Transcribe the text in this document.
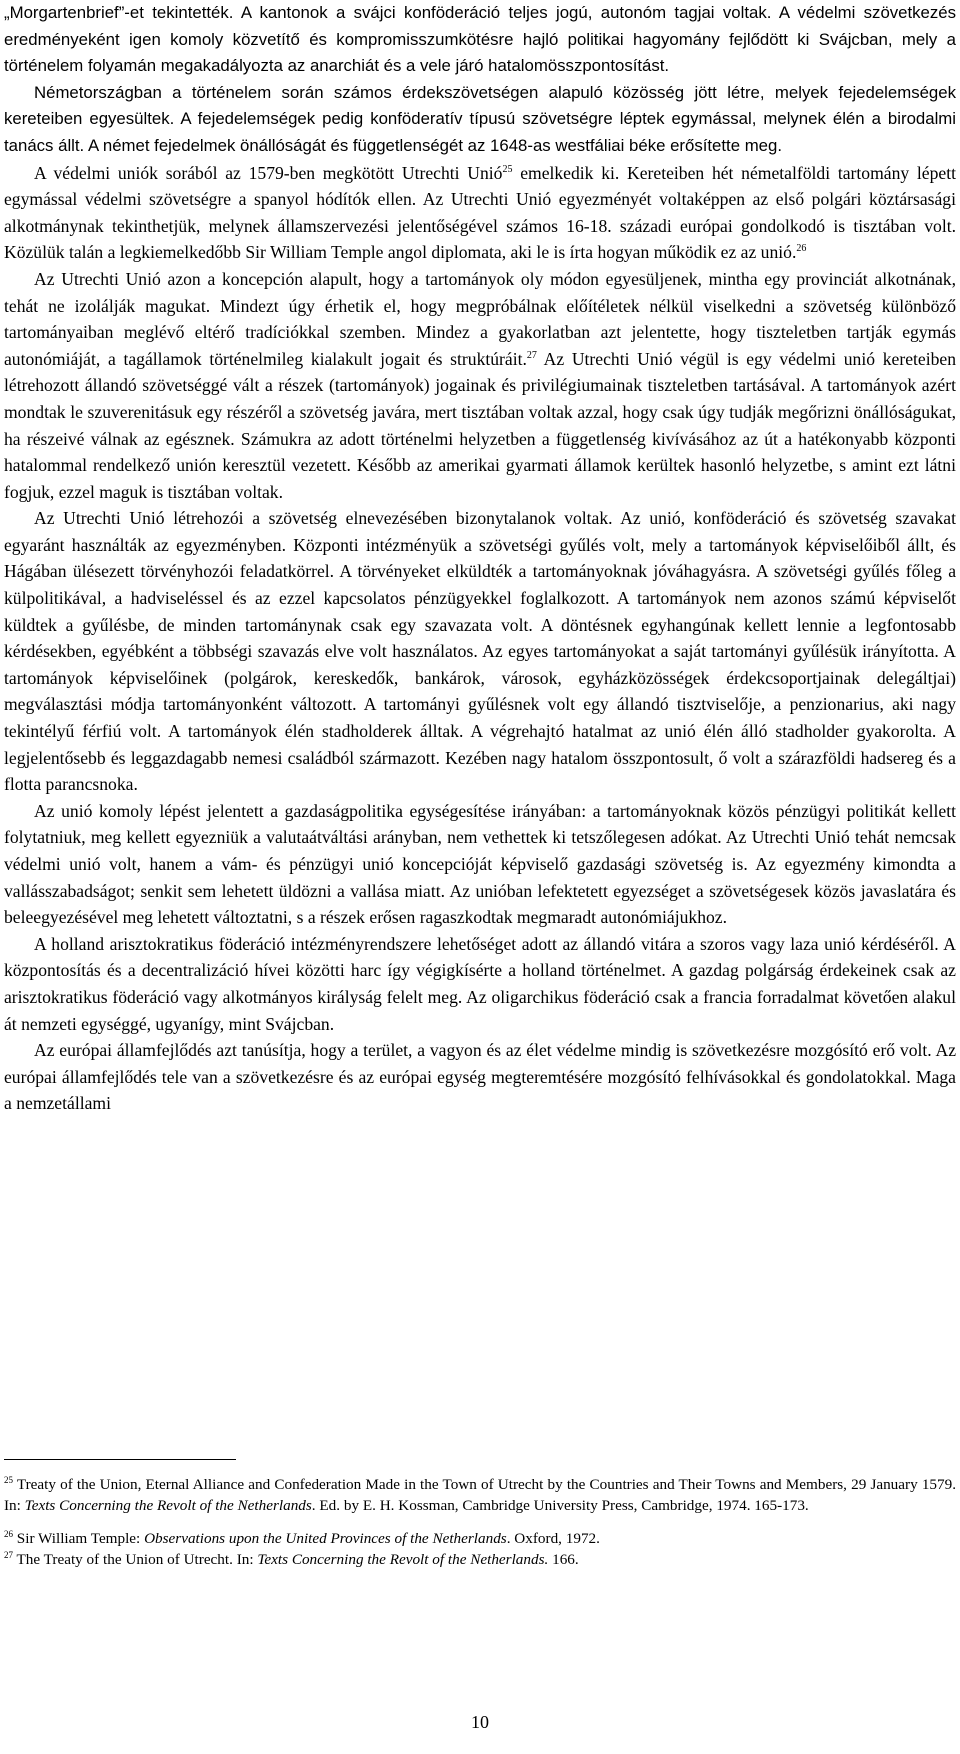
„Morgartenbrief”-et tekintették. A kantonok a svájci konföderáció teljes jogú, autonóm tagjai voltak. A védelmi szövetkezés eredményeként igen komoly közvetítő és kompromisszumkötésre hajló politikai hagyomány fejlődött ki Svájcban, mely a történelem folyamán megakadályozta az anarchiát és a vele járó hatalomösszpontosítást.

Németországban a történelem során számos érdekszövetségen alapuló közösség jött létre, melyek fejedelemségek kereteiben egyesültek. A fejedelemségek pedig konföderatív típusú szövetségre léptek egymással, melynek élén a birodalmi tanács állt. A német fejedelmek önállóságát és függetlenségét az 1648-as westfáliai béke erősítette meg.

A védelmi uniók sorából az 1579-ben megkötött Utrechti Unió$^{25}$ emelkedik ki. Kereteiben hét németalföldi tartomány lépett egymással védelmi szövetségre a spanyol hódítók ellen. Az Utrechti Unió egyezményét voltaképpen az első polgári köztársasági alkotmánynak tekinthetjük, melynek államszervezési jelentőségével számos 16-18. századi európai gondolkodó is tisztában volt. Közülük talán a legkiemelkedőbb Sir William Temple angol diplomata, aki le is írta hogyan működik ez az unió.$^{26}$

Az Utrechti Unió azon a koncepción alapult, hogy a tartományok oly módon egyesüljenek, mintha egy provinciát alkotnának, tehát ne izolálják magukat. Mindezt úgy érhetik el, hogy megpróbálnak előítéletek nélkül viselkedni a szövetség különböző tartományaiban meglévő eltérő tradíciókkal szemben. Mindez a gyakorlatban azt jelentette, hogy tiszteletben tartják egymás autonómiáját, a tagállamok történelmileg kialakult jogait és struktúráit.$^{27}$ Az Utrechti Unió végül is egy védelmi unió kereteiben létrehozott állandó szövetséggé vált a részek (tartományok) jogainak és privilégiumainak tiszteletben tartásával. A tartományok azért mondtak le szuverenitásuk egy részéről a szövetség javára, mert tisztában voltak azzal, hogy csak úgy tudják megőrizni önállóságukat, ha részeivé válnak az egésznek. Számukra az adott történelmi helyzetben a függetlenség kivívásához az út a hatékonyabb központi hatalommal rendelkező unión keresztül vezetett. Később az amerikai gyarmati államok kerültek hasonló helyzetbe, s amint ezt látni fogjuk, ezzel maguk is tisztában voltak.

Az Utrechti Unió létrehozói a szövetség elnevezésében bizonytalanok voltak. Az unió, konföderáció és szövetség szavakat egyaránt használták az egyezményben. Központi intézményük a szövetségi gyűlés volt, mely a tartományok képviselőiből állt, és Hágában ülésezett törvényhozói feladatkörrel. A törvényeket elküldték a tartományoknak jóváhagyásra. A szövetségi gyűlés főleg a külpolitikával, a hadviseléssel és az ezzel kapcsolatos pénzügyekkel foglalkozott. A tartományok nem azonos számú képviselőt küldtek a gyűlésbe, de minden tartománynak csak egy szavazata volt. A döntésnek egyhangúnak kellett lennie a legfontosabb kérdésekben, egyébként a többségi szavazás elve volt használatos. Az egyes tartományokat a saját tartományi gyűlésük irányította. A tartományok képviselőinek (polgárok, kereskedők, bankárok, városok, egyházközösségek érdekcsoportjainak delegáltjai) megválasztási módja tartományonként változott. A tartományi gyűlésnek volt egy állandó tisztviselője, a penzionarius, aki nagy tekintélyű férfiú volt. A tartományok élén stadholderek álltak. A végrehajtó hatalmat az unió élén álló stadholder gyakorolta. A legjelentősebb és leggazdagabb nemesi családból származott. Kezében nagy hatalom összpontosult, ő volt a szárazföldi hadsereg és a flotta parancsnoka.

Az unió komoly lépést jelentett a gazdaságpolitika egységesítése irányában: a tartományoknak közös pénzügyi politikát kellett folytatniuk, meg kellett egyezniük a valutaátváltási arányban, nem vethettek ki tetszőlegesen adókat. Az Utrechti Unió tehát nemcsak védelmi unió volt, hanem a vám- és pénzügyi unió koncepcióját képviselő gazdasági szövetség is. Az egyezmény kimondta a vallásszabadságot; senkit sem lehetett üldözni a vallása miatt. Az unióban lefektetett egyezséget a szövetségesek közös javaslatára és beleegyezésével meg lehetett változtatni, s a részek erősen ragaszkodtak megmaradt autonómiájukhoz.

A holland arisztokratikus föderáció intézményrendszere lehetőséget adott az állandó vitára a szoros vagy laza unió kérdéséről. A központosítás és a decentralizáció hívei közötti harc így végigkísérte a holland történelmet. A gazdag polgárság érdekeinek csak az arisztokratikus föderáció vagy alkotmányos királyság felelt meg. Az oligarchikus föderáció csak a francia forradalmat követően alakul át nemzeti egységgé, ugyanígy, mint Svájcban.

Az európai államfejlődés azt tanúsítja, hogy a terület, a vagyon és az élet védelme mindig is szövetkezésre mozgósító erő volt. Az európai államfejlődés tele van a szövetkezésre és az európai egység megteremtésére mozgósító felhívásokkal és gondolatokkal. Maga a nemzetállami

$^{25}$ Treaty of the Union, Eternal Alliance and Confederation Made in the Town of Utrecht by the Countries and Their Towns and Members, 29 January 1579. In: Texts Concerning the Revolt of the Netherlands. Ed. by E. H. Kossman, Cambridge University Press, Cambridge, 1974. 165-173.

$^{26}$ Sir William Temple: Observations upon the United Provinces of the Netherlands. Oxford, 1972.

$^{27}$ The Treaty of the Union of Utrecht. In: Texts Concerning the Revolt of the Netherlands. 166.

10
